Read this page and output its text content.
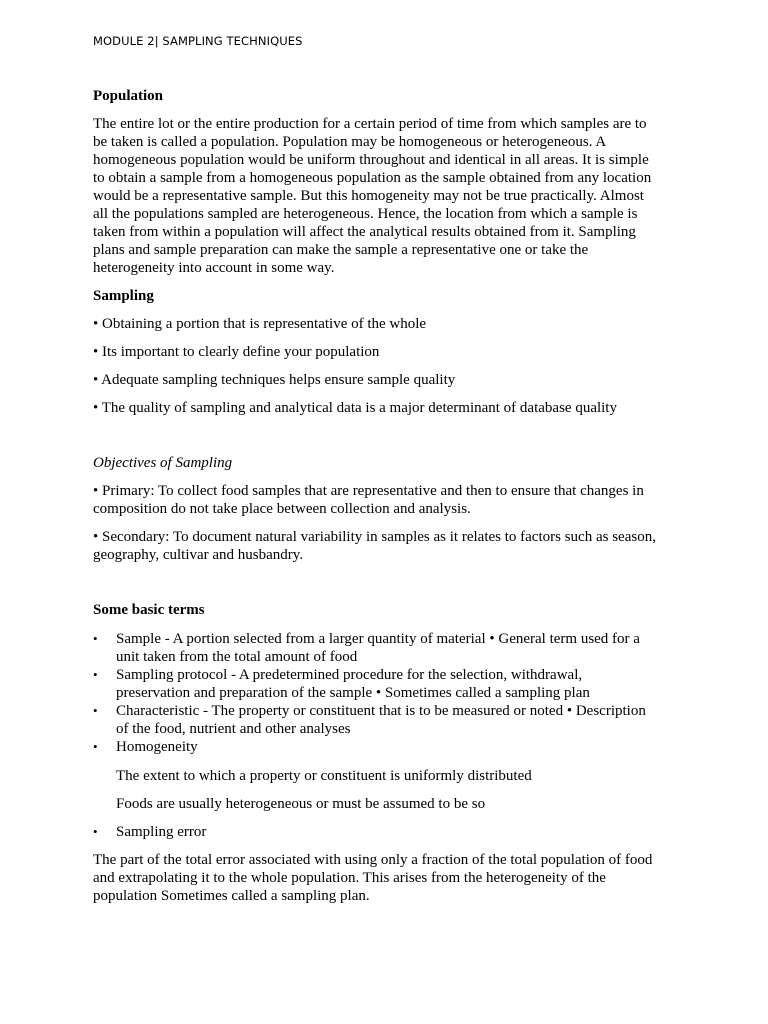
MODULE 2| SAMPLING TECHNIQUES
Population
The entire lot or the entire production for a certain period of time from which samples are to
be taken is called a population. Population may be homogeneous or heterogeneous. A
homogeneous population would be uniform throughout and identical in all areas. It is simple
to obtain a sample from a homogeneous population as the sample obtained from any location
would be a representative sample. But this homogeneity may not be true practically. Almost
all the populations sampled are heterogeneous. Hence, the location from which a sample is
taken from within a population will affect the analytical results obtained from it. Sampling
plans and sample preparation can make the sample a representative one or take the
heterogeneity into account in some way.
Sampling
• Obtaining a portion that is representative of the whole
• Its important to clearly define your population
• Adequate sampling techniques helps ensure sample quality
• The quality of sampling and analytical data is a major determinant of database quality
Objectives of Sampling
• Primary: To collect food samples that are representative and then to ensure that changes in
composition do not take place between collection and analysis.
• Secondary: To document natural variability in samples as it relates to factors such as season,
geography, cultivar and husbandry.
Some basic terms
• Sample - A portion selected from a larger quantity of material • General term used for a
unit taken from the total amount of food
• Sampling protocol - A predetermined procedure for the selection, withdrawal,
preservation and preparation of the sample • Sometimes called a sampling plan
• Characteristic - The property or constituent that is to be measured or noted • Description
of the food, nutrient and other analyses
• Homogeneity
The extent to which a property or constituent is uniformly distributed
Foods are usually heterogeneous or must be assumed to be so
• Sampling error
The part of the total error associated with using only a fraction of the total population of food
and extrapolating it to the whole population. This arises from the heterogeneity of the
population Sometimes called a sampling plan.
